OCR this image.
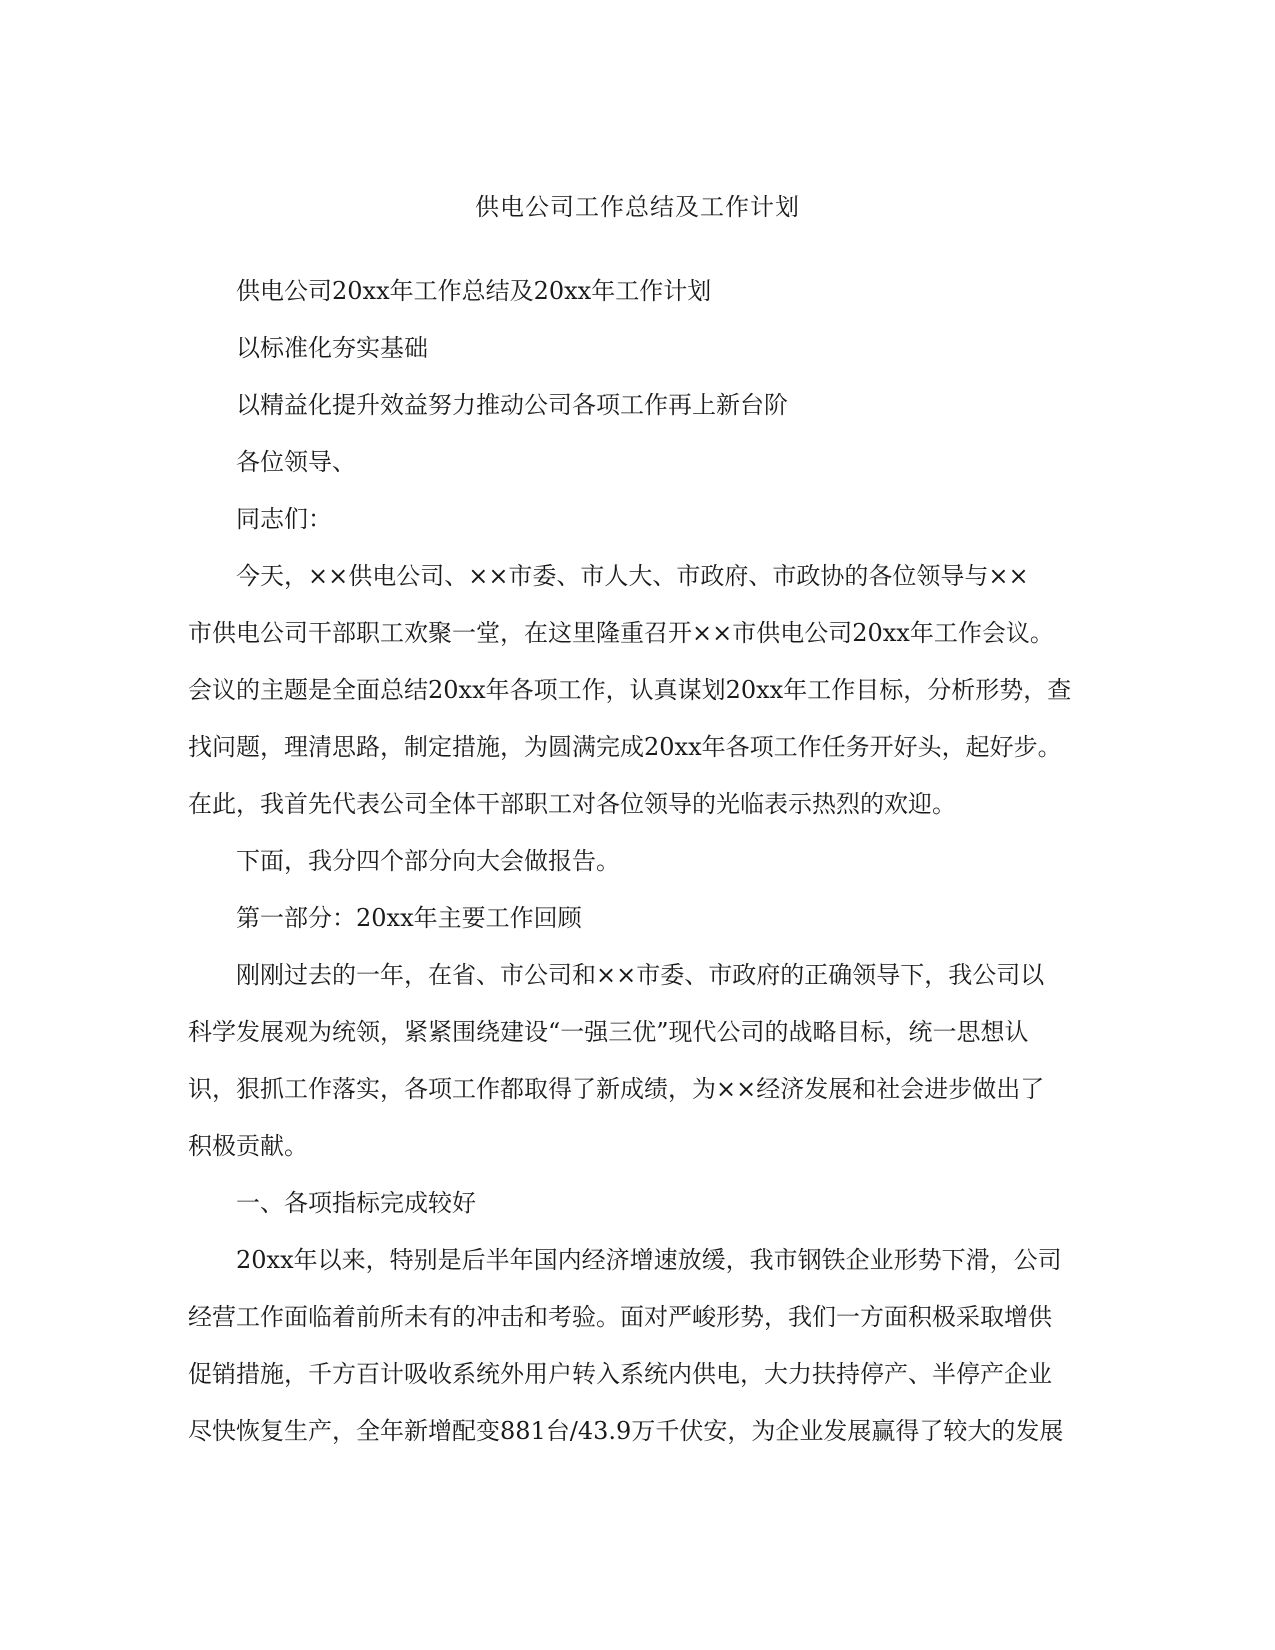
供电公司工作总结及工作计划
供电公司20xx年工作总结及20xx年工作计划
以标准化夯实基础
以精益化提升效益努力推动公司各项工作再上新台阶
各位领导、
同志们：
今天，××供电公司、××市委、市人大、市政府、市政协的各位领导与××
市供电公司干部职工欢聚一堂，在这里隆重召开××市供电公司20xx年工作会议。
会议的主题是全面总结20xx年各项工作，认真谋划20xx年工作目标，分析形势，查
找问题，理清思路，制定措施，为圆满完成20xx年各项工作任务开好头，起好步。
在此，我首先代表公司全体干部职工对各位领导的光临表示热烈的欢迎。
下面，我分四个部分向大会做报告。
第一部分：20xx年主要工作回顾
刚刚过去的一年，在省、市公司和××市委、市政府的正确领导下，我公司以
科学发展观为统领，紧紧围绕建设“一强三优”现代公司的战略目标，统一思想认
识，狠抓工作落实，各项工作都取得了新成绩，为××经济发展和社会进步做出了
积极贡献。
一、各项指标完成较好
20xx年以来，特别是后半年国内经济增速放缓，我市钢铁企业形势下滑，公司
经营工作面临着前所未有的冲击和考验。面对严峻形势，我们一方面积极采取增供
促销措施，千方百计吸收系统外用户转入系统内供电，大力扶持停产、半停产企业
尽快恢复生产，全年新增配变881台/43.9万千伏安，为企业发展赢得了较大的发展
